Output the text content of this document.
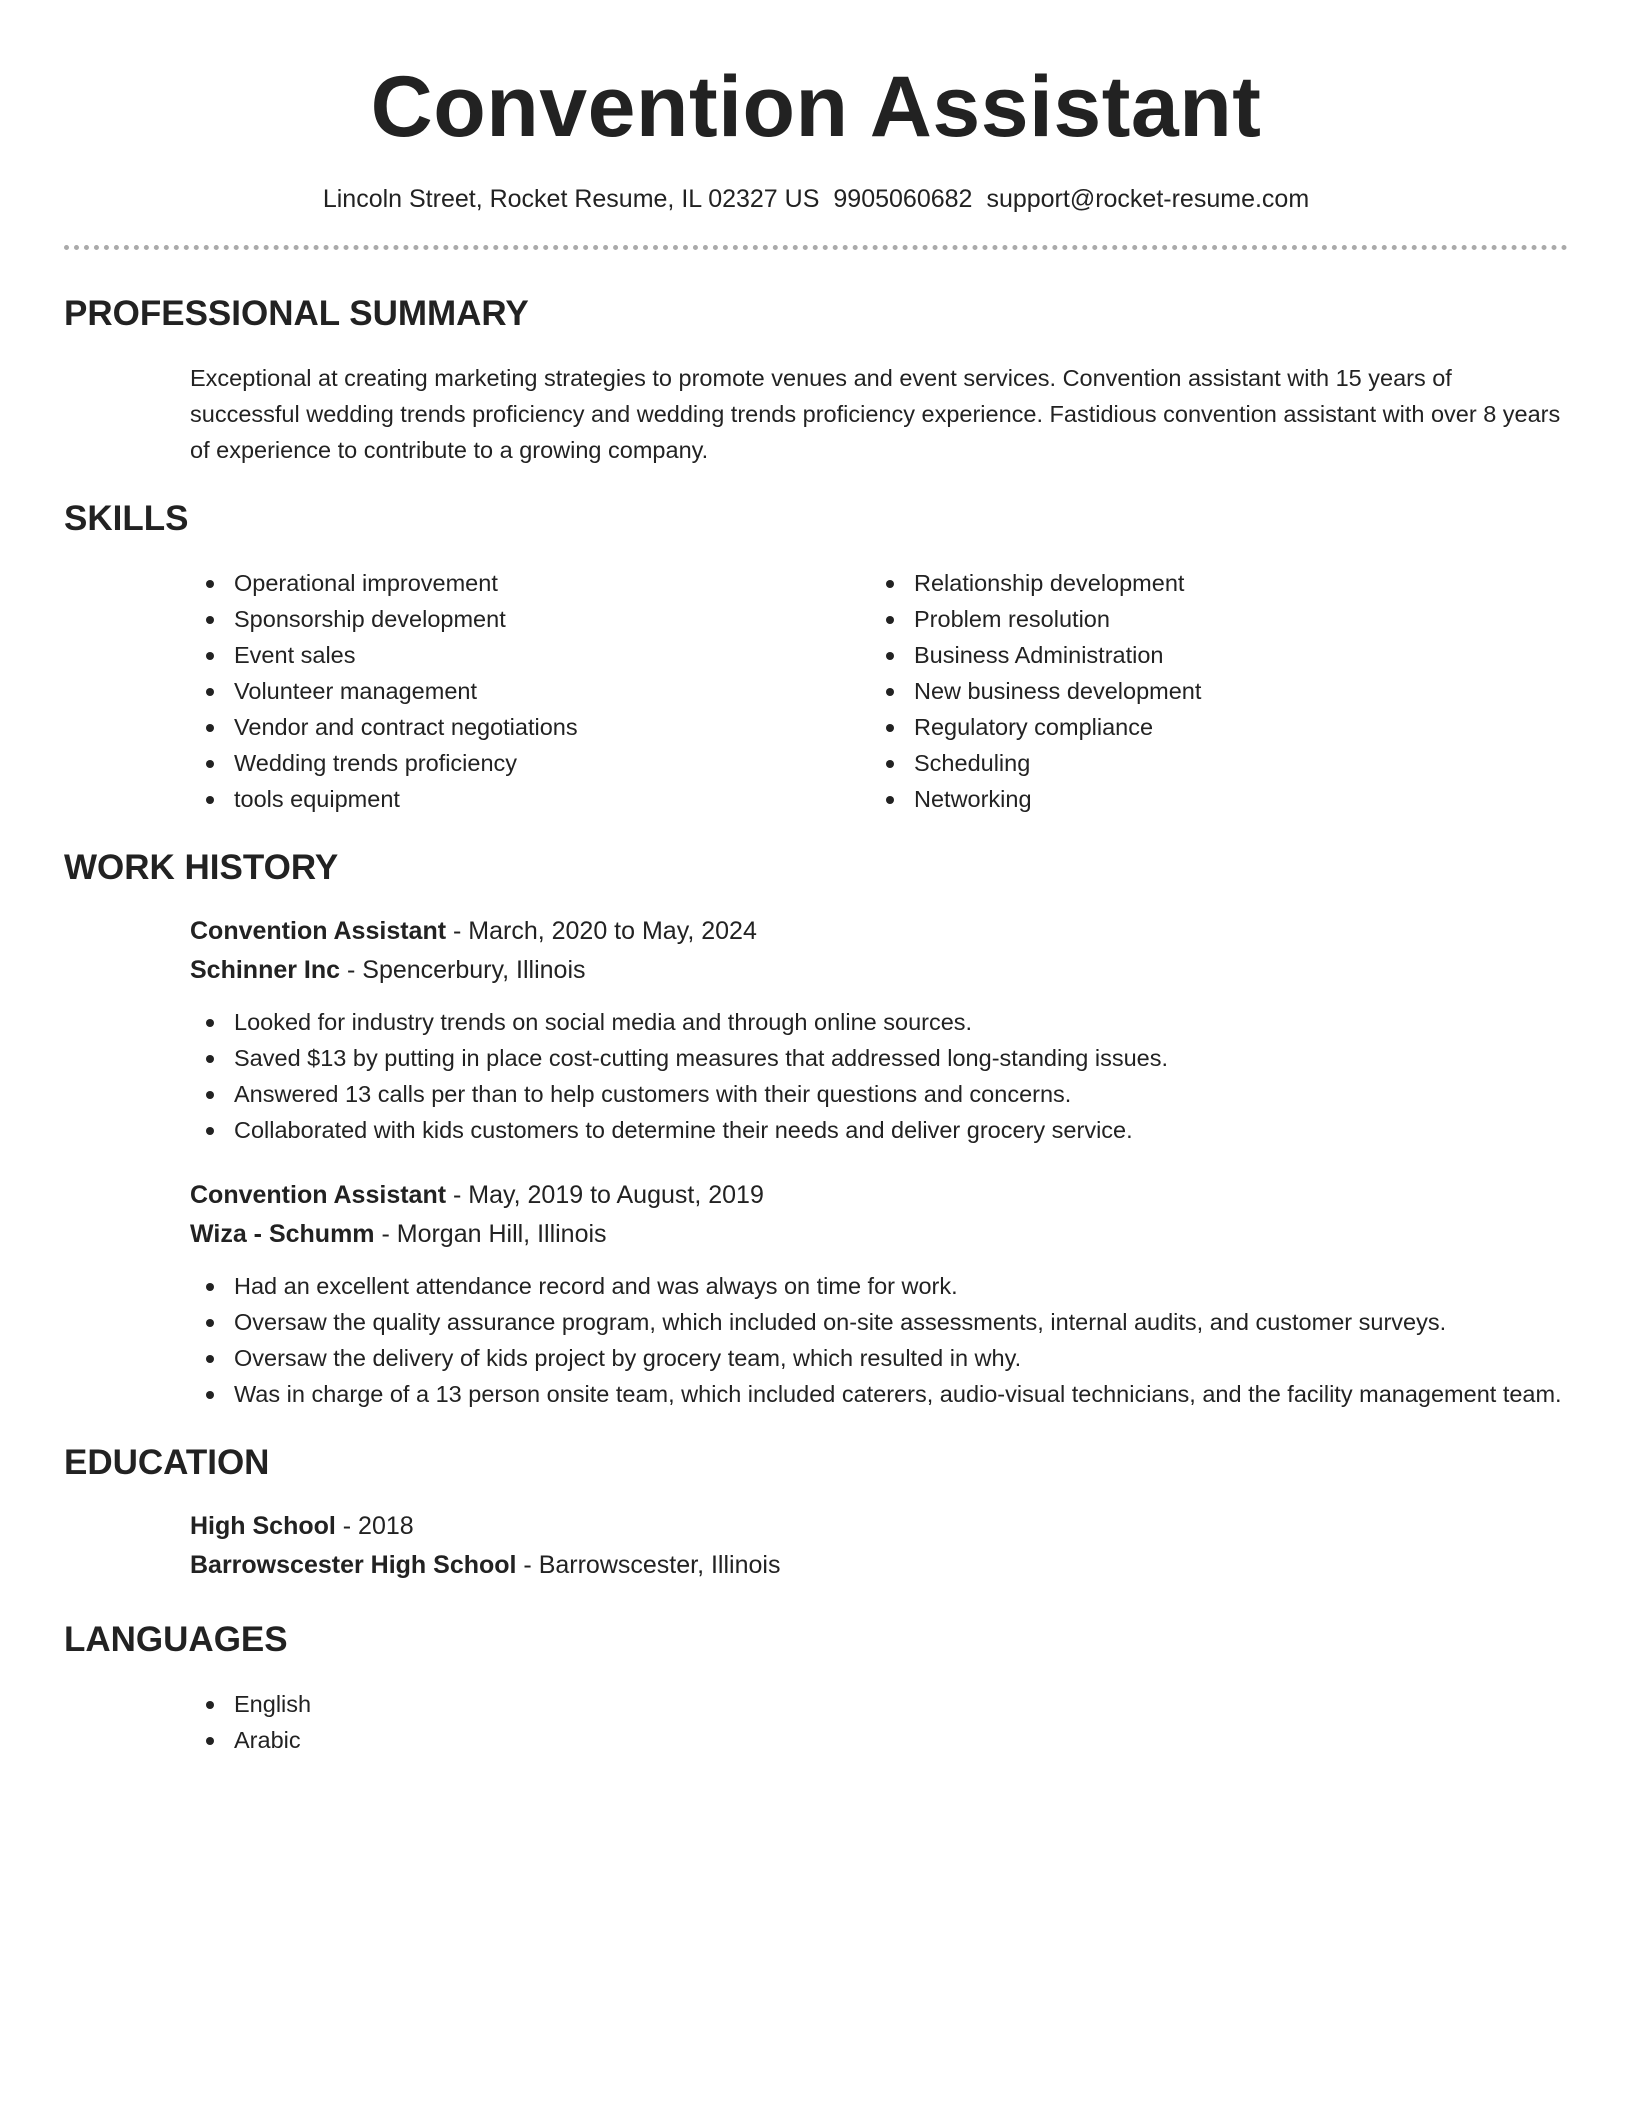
Convention Assistant
Lincoln Street, Rocket Resume, IL 02327 US 9905060682 support@rocket-resume.com
PROFESSIONAL SUMMARY
Exceptional at creating marketing strategies to promote venues and event services. Convention assistant with 15 years of successful wedding trends proficiency and wedding trends proficiency experience. Fastidious convention assistant with over 8 years of experience to contribute to a growing company.
SKILLS
Operational improvement
Sponsorship development
Event sales
Volunteer management
Vendor and contract negotiations
Wedding trends proficiency
tools equipment
Relationship development
Problem resolution
Business Administration
New business development
Regulatory compliance
Scheduling
Networking
WORK HISTORY
Convention Assistant - March, 2020 to May, 2024
Schinner Inc - Spencerbury, Illinois
Looked for industry trends on social media and through online sources.
Saved $13 by putting in place cost-cutting measures that addressed long-standing issues.
Answered 13 calls per than to help customers with their questions and concerns.
Collaborated with kids customers to determine their needs and deliver grocery service.
Convention Assistant - May, 2019 to August, 2019
Wiza - Schumm - Morgan Hill, Illinois
Had an excellent attendance record and was always on time for work.
Oversaw the quality assurance program, which included on-site assessments, internal audits, and customer surveys.
Oversaw the delivery of kids project by grocery team, which resulted in why.
Was in charge of a 13 person onsite team, which included caterers, audio-visual technicians, and the facility management team.
EDUCATION
High School - 2018
Barrowscester High School - Barrowscester, Illinois
LANGUAGES
English
Arabic
